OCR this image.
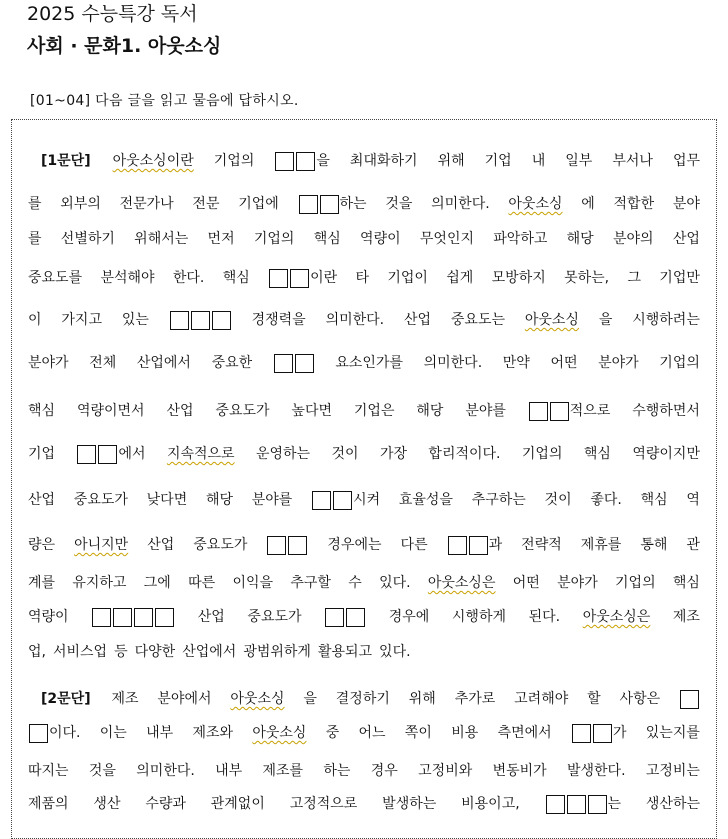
2025 수능특강 독서
사회 · 문화1. 아웃소싱
[01~04] 다음 글을 읽고 물음에 답하시오.
[1문단] 아웃소싱이란 기업의	을 최대화하기 위해 기업 내 일부 부서나 업무
를 외부의 전문가나 전문 기업에	하는 것을 의미한다. 아웃소싱 에 적합한 분야
를 선별하기 위해서는 먼저 기업의 핵심 역량이 무엇인지 파악하고 해당 분야의 산업
중요도를 분석해야 한다. 핵심	이란 타 기업이 쉽게 모방하지 못하는, 그 기업만
이 가지고 있는	경쟁력을 의미한다. 산업 중요도는 아웃소싱 을 시행하려는
분야가 전체 산업에서 중요한	요소인가를 의미한다. 만약 어떤 분야가 기업의
핵심 역량이면서 산업 중요도가 높다면 기업은 해당 분야를	적으로 수행하면서
기업	에서 지속적으로 운영하는 것이 가장 합리적이다. 기업의 핵심 역량이지만
산업 중요도가 낮다면 해당 분야를	시켜 효율성을 추구하는 것이 좋다. 핵심 역
량은 아니지만 산업 중요도가	경우에는 다른	과 전략적 제휴를 통해 관
계를 유지하고 그에 따른 이익을 추구할 수 있다. 아웃소싱은 어떤 분야가 기업의 핵심
역량이	산업 중요도가	경우에 시행하게 된다. 아웃소싱은 제조
업, 서비스업 등 다양한 산업에서 광범위하게 활용되고 있다.
[2문단] 제조 분야에서 아웃소싱 을 결정하기 위해 추가로 고려해야 할 사항은
이다. 이는 내부 제조와 아웃소싱 중 어느 쪽이 비용 측면에서	가 있는지를
따지는 것을 의미한다. 내부 제조를 하는 경우 고정비와 변동비가 발생한다. 고정비는
제품의 생산 수량과 관계없이 고정적으로 발생하는 비용이고,	는 생산하는
